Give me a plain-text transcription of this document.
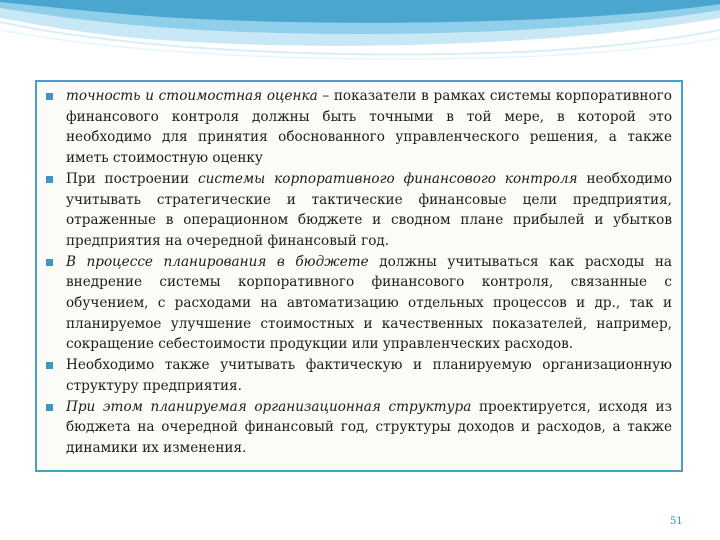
точность и стоимостная оценка – показатели в рамках системы корпоративного финансового контроля должны быть точными в той мере, в которой это необходимо для принятия обоснованного управленческого решения, а также иметь стоимостную оценку
При построении системы корпоративного финансового контроля необходимо учитывать стратегические и тактические финансовые цели предприятия, отраженные в операционном бюджете и сводном плане прибылей и убытков предприятия на очередной финансовый год.
В процессе планирования в бюджете должны учитываться как расходы на внедрение системы корпоративного финансового контроля, связанные с обучением, с расходами на автоматизацию отдельных процессов и др., так и планируемое улучшение стоимостных и качественных показателей, например, сокращение себестоимости продукции или управленческих расходов.
Необходимо также учитывать фактическую и планируемую организационную структуру предприятия.
При этом планируемая организационная структура проектируется, исходя из бюджета на очередной финансовый год, структуры доходов и расходов, а также динамики их изменения.
51
